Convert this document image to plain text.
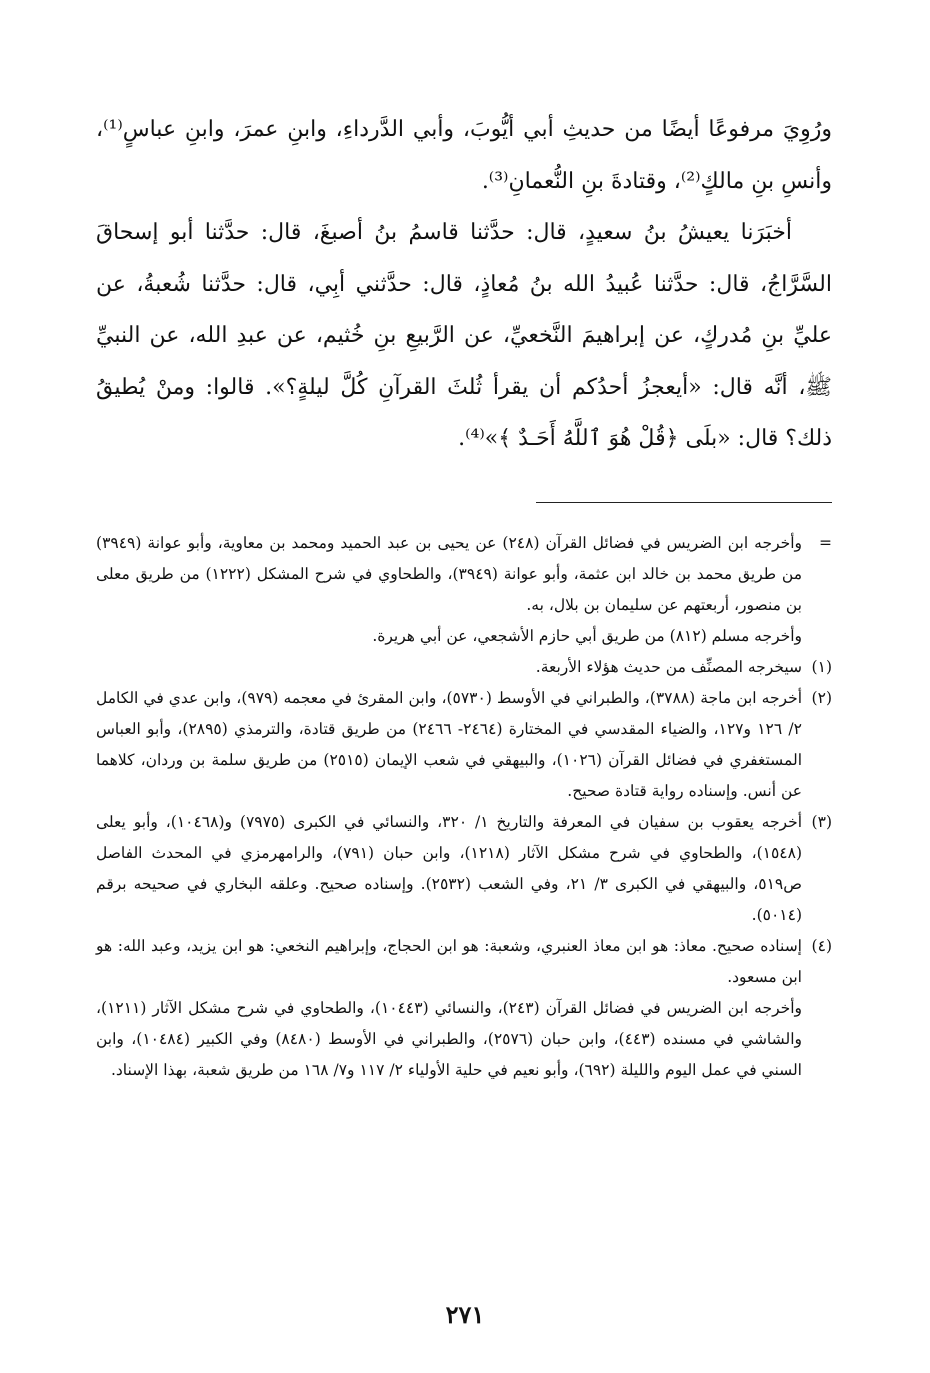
ورُوِيَ مرفوعًا أيضًا من حديثِ أبي أيُّوبَ، وأبي الدَّرداءِ، وابنِ عمرَ، وابنِ عباسٍ⁽¹⁾، وأنسِ بنِ مالكٍ⁽²⁾، وقتادةَ بنِ النُّعمانِ⁽³⁾.

أخبَرَنا يعيشُ بنُ سعيدٍ، قال: حدَّثنا قاسمُ بنُ أصبغَ، قال: حدَّثنا أبو إسحاقَ السَّرَّاجُ، قال: حدَّثنا عُبيدُ الله بنُ مُعاذٍ، قال: حدَّثني أبِي، قال: حدَّثنا شُعبةُ، عن عليِّ بنِ مُدركٍ، عن إبراهيمَ النَّخعيِّ، عن الرَّبيعِ بنِ خُثيم، عن عبدِ الله، عن النبيِّ ﷺ، أنَّه قال: «أيعجزُ أحدُكم أن يقرأ ثُلثَ القرآنِ كُلَّ ليلةٍ؟». قالوا: ومنْ يُطيقُ ذلك؟ قال: «بلَى ﴿قُلْ هُوَ ٱللَّهُ أَحَـدٌ ﴾»⁽⁴⁾.

=

وأخرجه ابن الضريس في فضائل القرآن (٢٤٨) عن يحيى بن عبد الحميد ومحمد بن معاوية، وأبو عوانة (٣٩٤٩) من طريق محمد بن خالد ابن عثمة، وأبو عوانة (٣٩٤٩)، والطحاوي في شرح المشكل (١٢٢٢) من طريق معلى بن منصور، أربعتهم عن سليمان بن بلال، به.

وأخرجه مسلم (٨١٢) من طريق أبي حازم الأشجعي، عن أبي هريرة.

(١)

سيخرجه المصنِّف من حديث هؤلاء الأربعة.

(٢)

أخرجه ابن ماجة (٣٧٨٨)، والطبراني في الأوسط (٥٧٣٠)، وابن المقرئ في معجمه (٩٧٩)، وابن عدي في الكامل ٢/ ١٢٦ و١٢٧، والضياء المقدسي في المختارة (٢٤٦٤- ٢٤٦٦) من طريق قتادة، والترمذي (٢٨٩٥)، وأبو العباس المستغفري في فضائل القرآن (١٠٢٦)، والبيهقي في شعب الإيمان (٢٥١٥) من طريق سلمة بن وردان، كلاهما عن أنس. وإسناده رواية قتادة صحيح.

(٣)

أخرجه يعقوب بن سفيان في المعرفة والتاريخ ١/ ٣٢٠، والنسائي في الكبرى (٧٩٧٥) و(١٠٤٦٨)، وأبو يعلى (١٥٤٨)، والطحاوي في شرح مشكل الآثار (١٢١٨)، وابن حبان (٧٩١)، والرامهرمزي في المحدث الفاصل ص٥١٩، والبيهقي في الكبرى ٣/ ٢١، وفي الشعب (٢٥٣٢). وإسناده صحيح. وعلقه البخاري في صحيحه برقم (٥٠١٤).

(٤)

إسناده صحيح. معاذ: هو ابن معاذ العنبري، وشعبة: هو ابن الحجاج، وإبراهيم النخعي: هو ابن يزيد، وعبد الله: هو ابن مسعود.

وأخرجه ابن الضريس في فضائل القرآن (٢٤٣)، والنسائي (١٠٤٤٣)، والطحاوي في شرح مشكل الآثار (١٢١١)، والشاشي في مسنده (٤٤٣)، وابن حبان (٢٥٧٦)، والطبراني في الأوسط (٨٤٨٠) وفي الكبير (١٠٤٨٤)، وابن السني في عمل اليوم والليلة (٦٩٢)، وأبو نعيم في حلية الأولياء ٢/ ١١٧ و٧/ ١٦٨ من طريق شعبة، بهذا الإسناد.

٢٧١
